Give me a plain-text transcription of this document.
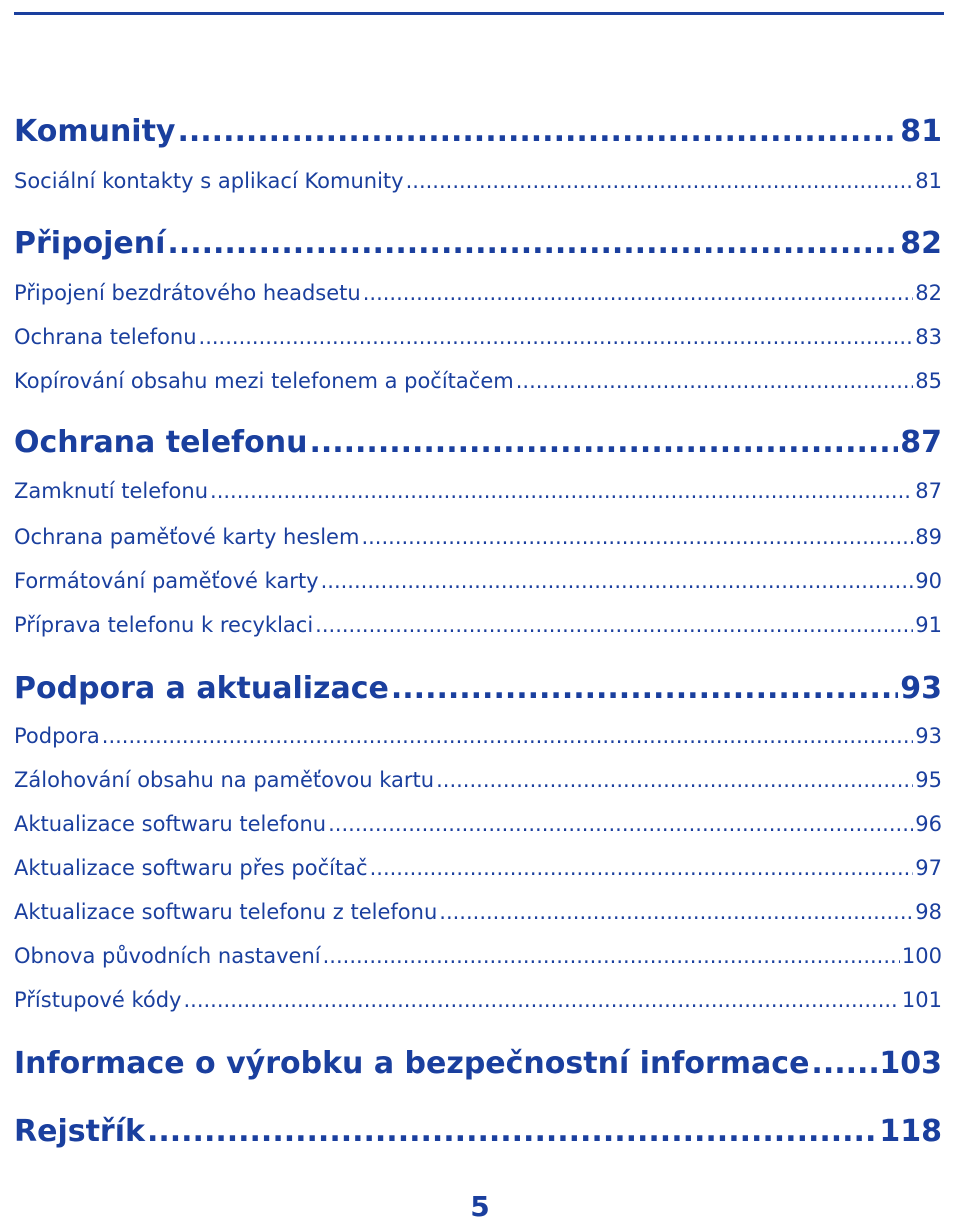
Komunity .....	81
Sociální kontakty s aplikací Komunity .....	81
Připojení .....	82
Připojení bezdrátového headsetu .....	82
Ochrana telefonu .....	83
Kopírování obsahu mezi telefonem a počítačem .....	85
Ochrana telefonu .....	87
Zamknutí telefonu .....	87
Ochrana paměťové karty heslem .....	89
Formátování paměťové karty .....	90
Příprava telefonu k recyklaci .....	91
Podpora a aktualizace .....	93
Podpora .....	93
Zálohování obsahu na paměťovou kartu .....	95
Aktualizace softwaru telefonu .....	96
Aktualizace softwaru přes počítač .....	97
Aktualizace softwaru telefonu z telefonu .....	98
Obnova původních nastavení .....	100
Přístupové kódy .....	101
Informace o výrobku a bezpečnostní informace ..... 103
Rejstřík .....	118
5
